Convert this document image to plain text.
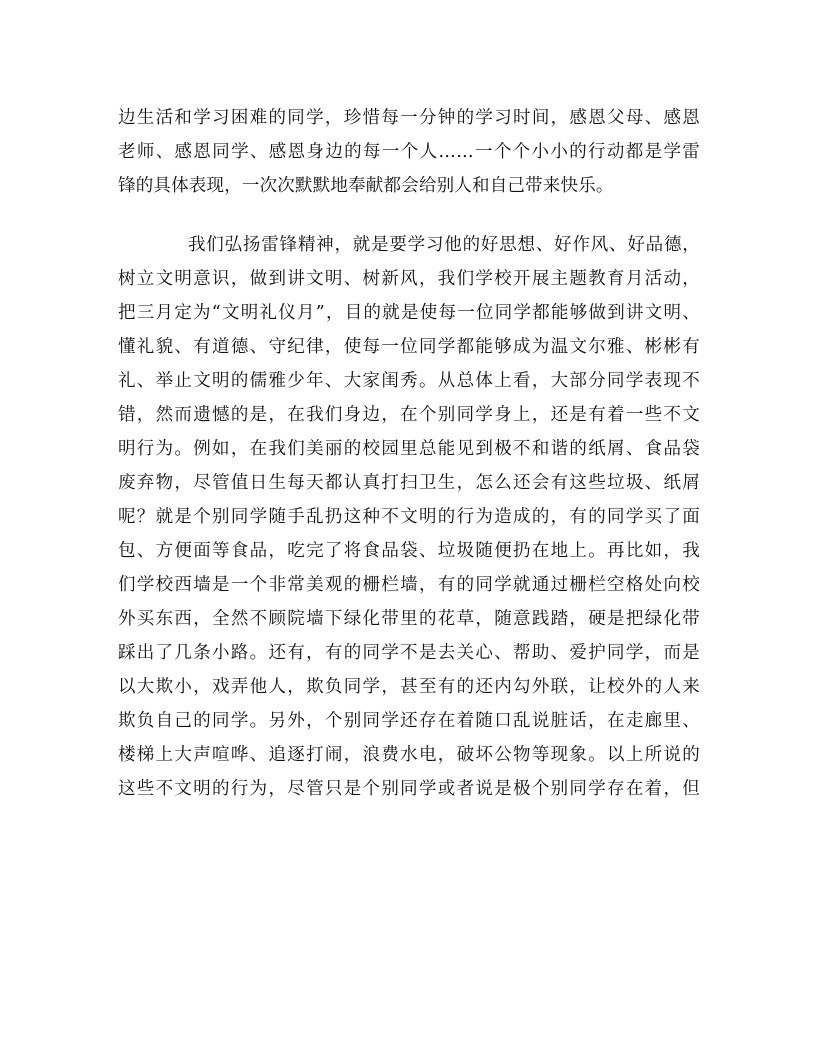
边生活和学习困难的同学，珍惜每一分钟的学习时间，感恩父母、感恩
老师、感恩同学、感恩身边的每一个人……一个个小小的行动都是学雷
锋的具体表现，一次次默默地奉献都会给别人和自己带来快乐。
我们弘扬雷锋精神，就是要学习他的好思想、好作风、好品德，
树立文明意识，做到讲文明、树新风，我们学校开展主题教育月活动，
把三月定为“文明礼仪月”，目的就是使每一位同学都能够做到讲文明、
懂礼貌、有道德、守纪律，使每一位同学都能够成为温文尔雅、彬彬有
礼、举止文明的儒雅少年、大家闺秀。从总体上看，大部分同学表现不
错，然而遗憾的是，在我们身边，在个别同学身上，还是有着一些不文
明行为。例如，在我们美丽的校园里总能见到极不和谐的纸屑、食品袋
废弃物，尽管值日生每天都认真打扫卫生，怎么还会有这些垃圾、纸屑
呢？就是个别同学随手乱扔这种不文明的行为造成的，有的同学买了面
包、方便面等食品，吃完了将食品袋、垃圾随便扔在地上。再比如，我
们学校西墙是一个非常美观的栅栏墙，有的同学就通过栅栏空格处向校
外买东西，全然不顾院墙下绿化带里的花草，随意践踏，硬是把绿化带
踩出了几条小路。还有，有的同学不是去关心、帮助、爱护同学，而是
以大欺小，戏弄他人，欺负同学，甚至有的还内勾外联，让校外的人来
欺负自己的同学。另外，个别同学还存在着随口乱说脏话，在走廊里、
楼梯上大声喧哗、追逐打闹，浪费水电，破坏公物等现象。以上所说的
这些不文明的行为，尽管只是个别同学或者说是极个别同学存在着，但
